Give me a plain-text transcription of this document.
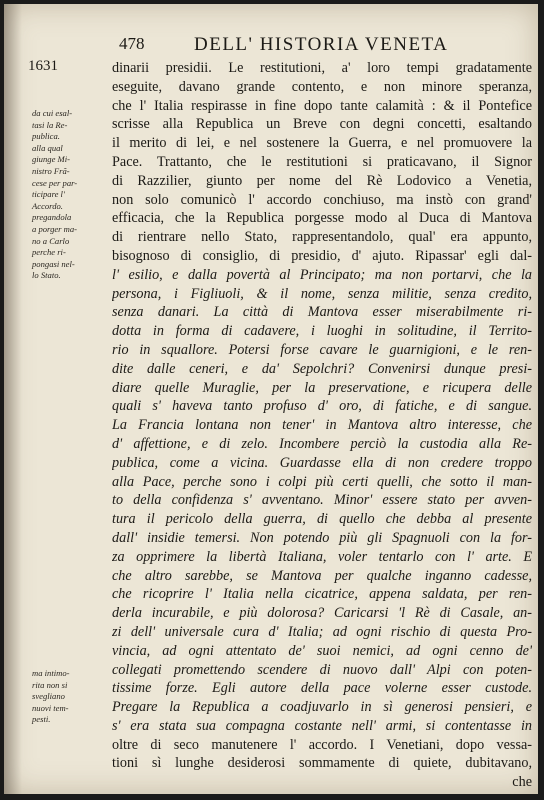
478	DELL' HISTORIA VENETA
1631
da cui esal-
tasi la Re-
publica.
alla qual
giunge Mi-
nistro Frã-
cese per par-
ticipare l'
Accordo.
pregandola
a porger ma-
no a Carlo
perche ri-
pongasi nel-
lo Stato.
ma intimo-
rita non si
svegliano
nuovi tem-
pesti.
dinarii presidii. Le restitutioni, a' loro tempi gradatamente
eseguite, davano grande contento, e non minore speranza,
che l' Italia respirasse in fine dopo tante calamità : & il Pontefice
scrisse alla Republica un Breve con degni concetti, esaltando
il merito di lei, e nel sostenere la Guerra, e nel promuovere la
Pace. Trattanto, che le restitutioni si praticavano, il Signor
di Razzilier, giunto per nome del Rè Lodovico a Venetia,
non solo comunicò l' accordo conchiuso, ma instò con grand'
efficacia, che la Republica porgesse modo al Duca di Mantova
di rientrare nello Stato, rappresentandolo, qual' era appunto,
bisognoso di consiglio, di presidio, d' ajuto. Ripassar' egli dal-
l' esilio, e dalla povertà al Principato; ma non portarvi, che la
persona, i Figliuoli, & il nome, senza militie, senza credito,
senza danari. La città di Mantova esser miserabilmente ri-
dotta in forma di cadavere, i luoghi in solitudine, il Territo-
rio in squallore. Potersi forse cavare le guarnigioni, e le ren-
dite dalle ceneri, e da' Sepolchri? Convenirsi dunque presi-
diare quelle Muraglie, per la preservatione, e ricupera delle
quali s' haveva tanto profuso d' oro, di fatiche, e di sangue.
La Francia lontana non tener' in Mantova altro interesse, che
d' affettione, e di zelo. Incombere perciò la custodia alla Re-
publica, come a vicina. Guardasse ella di non credere troppo
alla Pace, perche sono i colpi più certi quelli, che sotto il man-
to della confidenza s' avventano. Minor' essere stato per avven-
tura il pericolo della guerra, di quello che debba al presente
dall' insidie temersi. Non potendo più gli Spagnuoli con la for-
za opprimere la libertà Italiana, voler tentarlo con l' arte. E
che altro sarebbe, se Mantova per qualche inganno cadesse,
che ricoprire l' Italia nella cicatrice, appena saldata, per ren-
derla incurabile, e più dolorosa? Caricarsi 'l Rè di Casale, an-
zi dell' universale cura d' Italia; ad ogni rischio di questa Pro-
vincia, ad ogni attentato de' suoi nemici, ad ogni cenno de'
collegati promettendo scendere di nuovo dall' Alpi con poten-
tissime forze. Egli autore della pace volerne esser custode.
Pregare la Republica a coadjuvarlo in sì generosi pensieri, e
s' era stata sua compagna costante nell' armi, si contentasse in
oltre di seco manutenere l' accordo. I Venetiani, dopo vessa-
tioni sì lunghe desiderosi sommamente di quiete, dubitavano,
che
